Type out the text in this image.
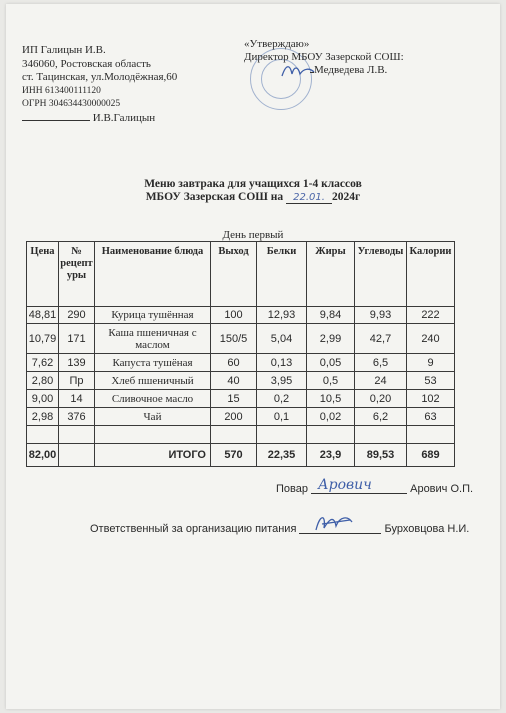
ИП Галицын И.В.
346060, Ростовская область
ст. Тацинская, ул.Молодёжная,60
ИНН 613400111120
ОГРН 304634430000025
И.В.Галицын
«Утверждаю»
Директор МБОУ Зазерской СОШ:
Медведева Л.В.
Меню завтрака для учащихся 1-4 классов
МБОУ Зазерская СОШ на 22.01. 2024г
День первый
Цена	№ рецепт уры	Наименование блюда	Выход	Белки	Жиры	Углеводы	Калории
48,81	290	Курица тушённая	100	12,93	9,84	9,93	222
10,79	171	Каша пшеничная с маслом	150/5	5,04	2,99	42,7	240
7,62	139	Капуста тушёная	60	0,13	0,05	6,5	9
2,80	Пр	Хлеб пшеничный	40	3,95	0,5	24	53
9,00	14	Сливочное масло	15	0,2	10,5	0,20	102
2,98	376	Чай	200	0,1	0,02	6,2	63

82,00		ИТОГО	570	22,35	23,9	89,53	689
Повар	Арович О.П.
Арович
Ответственный за организацию питания	Бурховцова Н.И.
